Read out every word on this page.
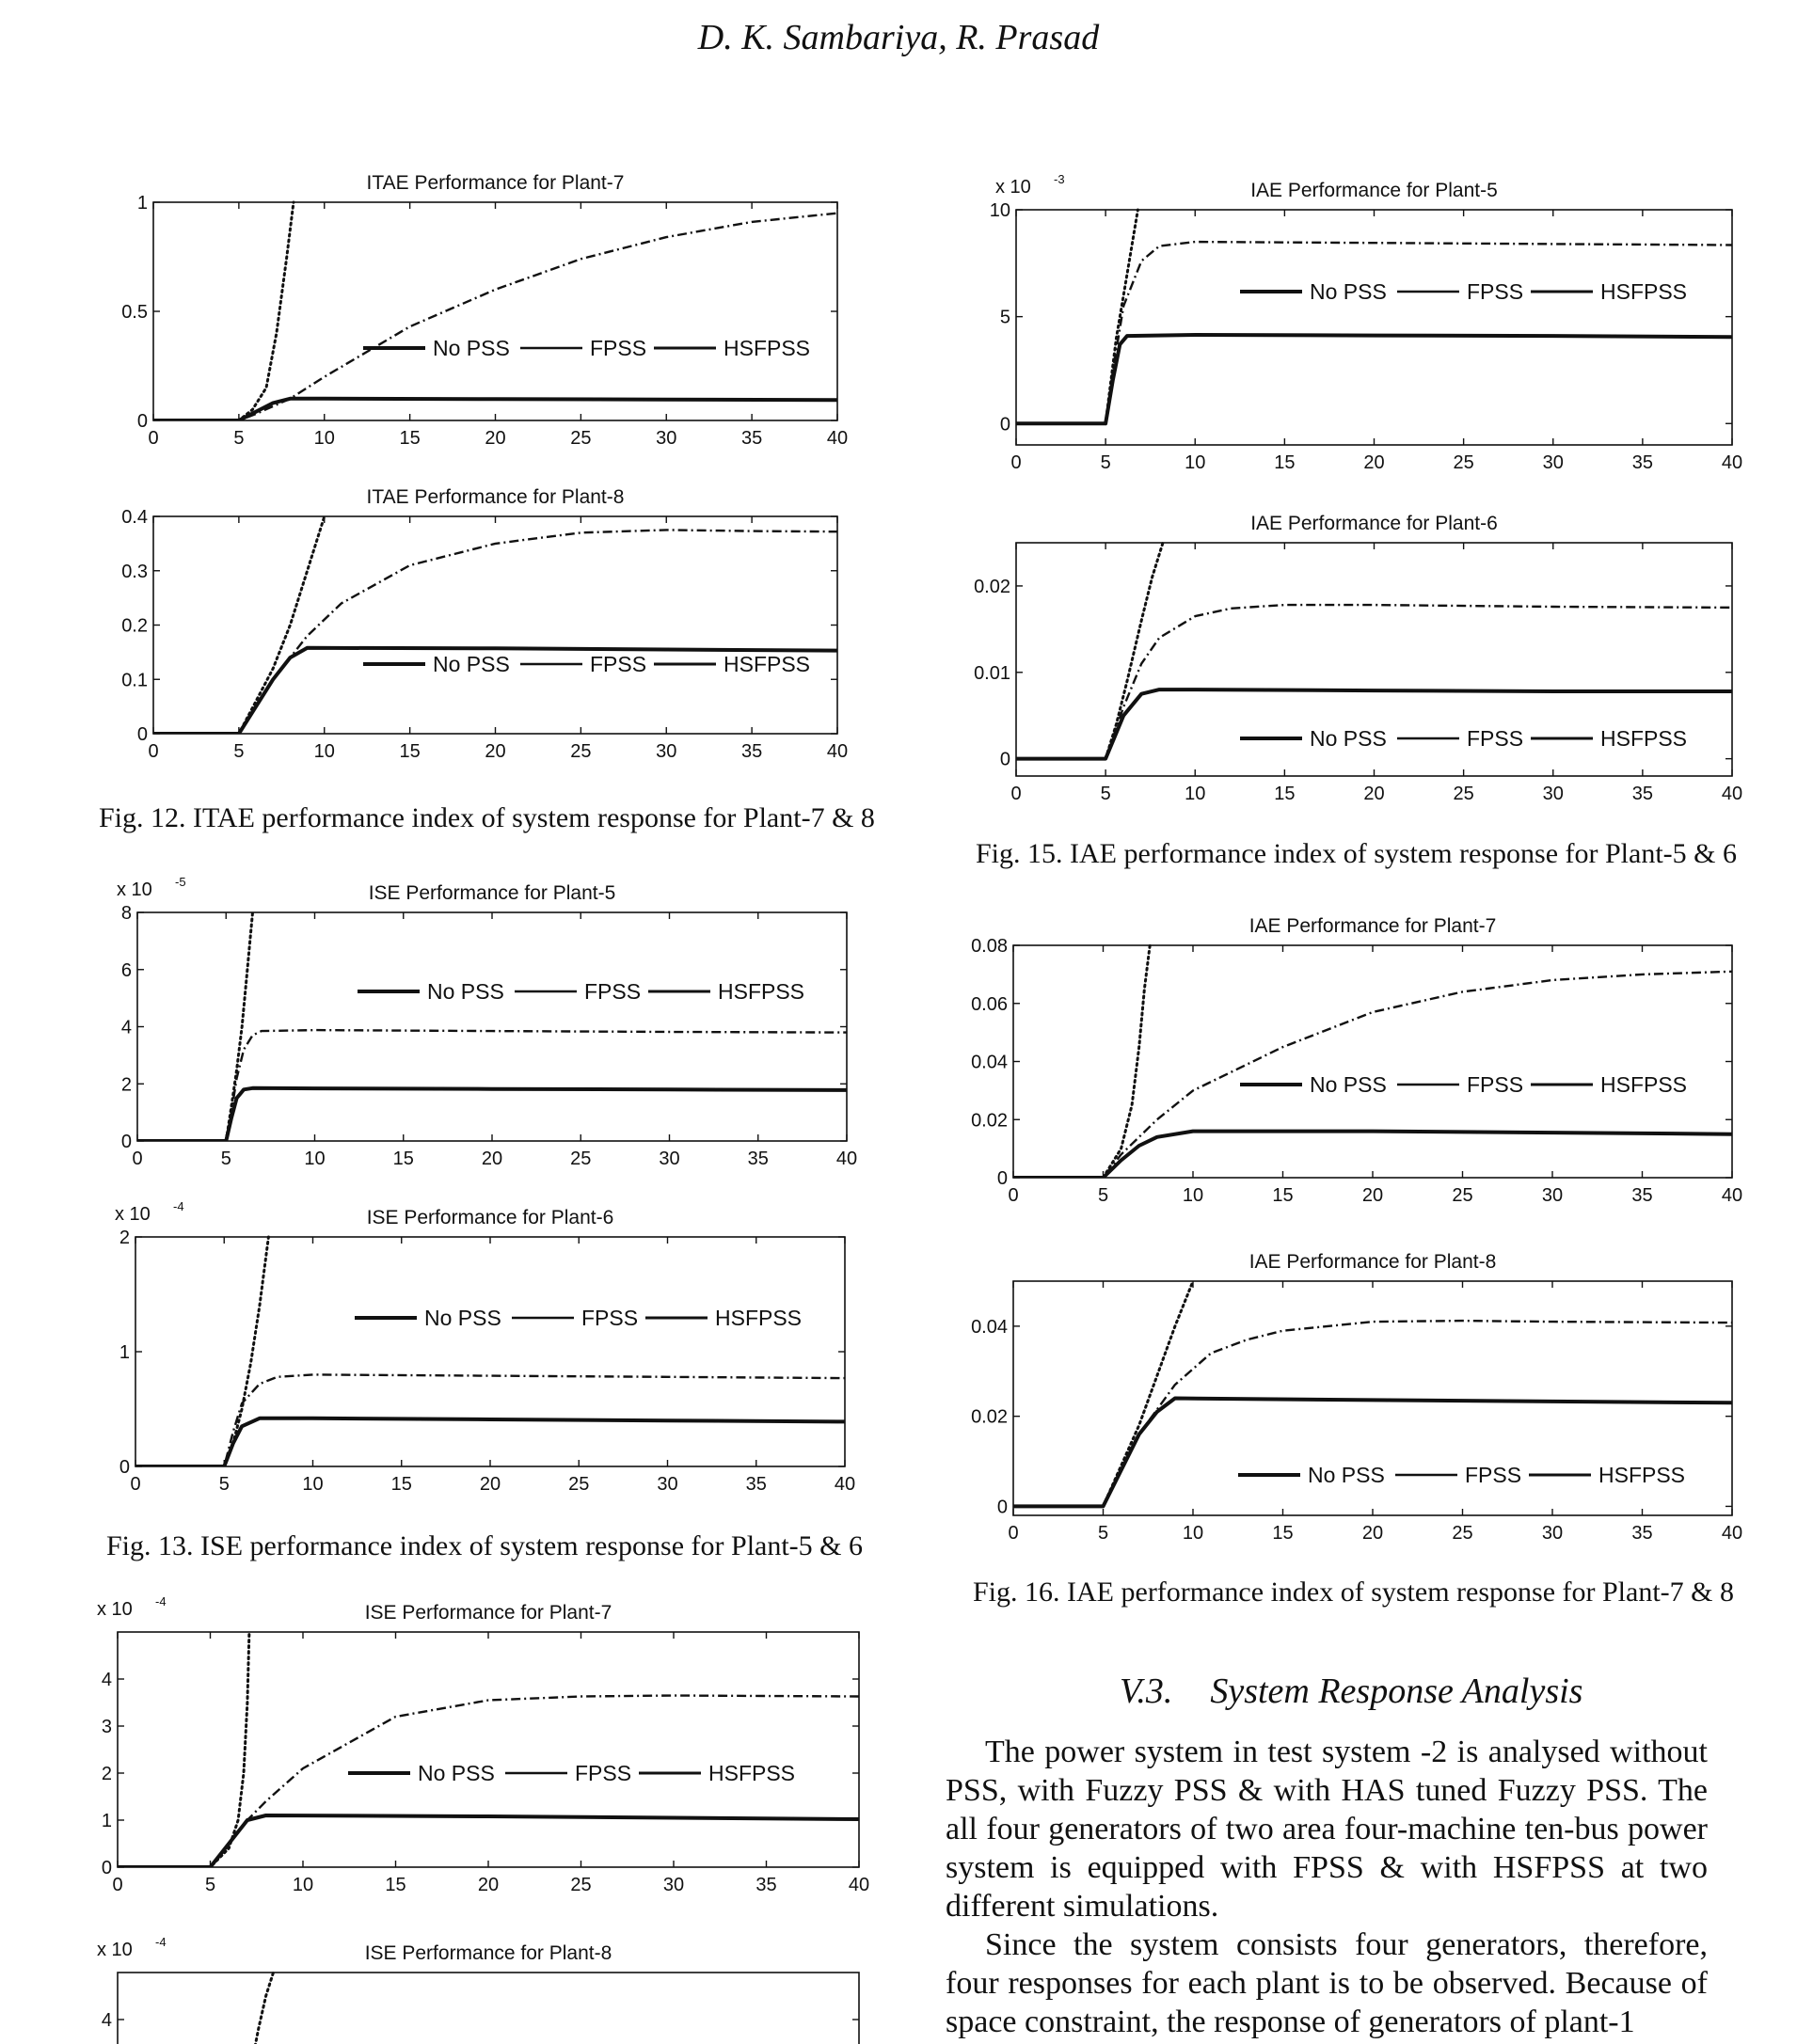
D. K. Sambariya, R. Prasad
ITAE Performance for Plant-7
0	5	10	15	20	25	30	35	40
0
0.5
1
No PSS	FPSS	HSFPSS
ITAE Performance for Plant-8
0	5	10	15	20	25	30	35	40
0
0.1
0.2
0.3
0.4
No PSS	FPSS	HSFPSS
ISE Performance for Plant-5
0	5	10	15	20	25	30	35	40
0
2
4
6
8
x 10 -5
No PSS	FPSS	HSFPSS
ISE Performance for Plant-6
0	5	10	15	20	25	30	35	40
0
1
2
x 10 -4
No PSS	FPSS	HSFPSS
ISE Performance for Plant-7
0	5	10	15	20	25	30	35	40
0
1
2
3
4
x 10 -4
No PSS	FPSS	HSFPSS
ISE Performance for Plant-8
4
x 10 -4
IAE Performance for Plant-5
0	5	10	15	20	25	30	35	40
0
5
10
x 10 -3
No PSS	FPSS	HSFPSS
IAE Performance for Plant-6
0	5	10	15	20	25	30	35	40
0
0.01
0.02
No PSS	FPSS	HSFPSS
IAE Performance for Plant-7
0	5	10	15	20	25	30	35	40
0
0.02
0.04
0.06
0.08
No PSS	FPSS	HSFPSS
IAE Performance for Plant-8
0	5	10	15	20	25	30	35	40
0
0.02
0.04
No PSS	FPSS	HSFPSS
Fig. 12. ITAE performance index of system response for Plant-7 & 8
Fig. 13. ISE performance index of system response for Plant-5 & 6
Fig. 15. IAE performance index of system response for Plant-5 & 6
Fig. 16. IAE performance index of system response for Plant-7 & 8
V.3. System Response Analysis

The power system in test system -2 is analysed without PSS, with Fuzzy PSS & with HAS tuned Fuzzy PSS. The all four generators of two area four-machine ten-bus power system is equipped with FPSS & with HSFPSS at two different simulations.

Since the system consists four generators, therefore, four responses for each plant is to be observed. Because of space constraint, the response of generators of plant-1
